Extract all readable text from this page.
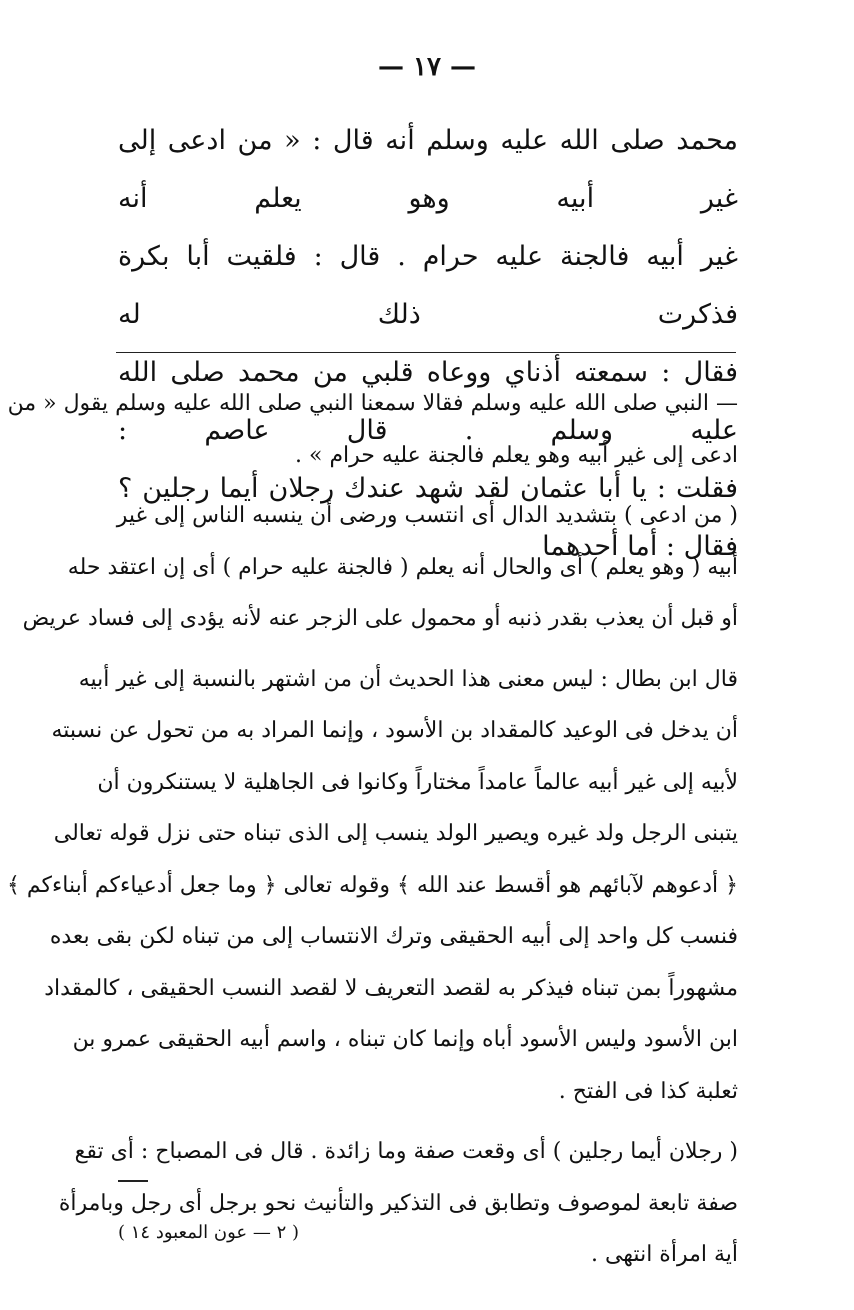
— ١٧ —

محمد صلى الله عليه وسلم أنه قال : « من ادعى إلى غير أبيه وهو يعلم أنه

غير أبيه فالجنة عليه حرام . قال : فلقيت أبا بكرة فذكرت ذلك له

فقال : سمعته أذناي ووعاه قلبي من محمد صلى الله عليه وسلم . قال عاصم :

فقلت : يا أبا عثمان لقد شهد عندك رجلان أيما رجلين ؟ فقال : أما أحدهما

— النبي صلى الله عليه وسلم فقالا سمعنا النبي صلى الله عليه وسلم يقول « من
ادعى إلى غير أبيه وهو يعلم فالجنة عليه حرام » .
( من ادعى ) بتشديد الدال أى انتسب ورضى أن ينسبه الناس إلى غير
أبيه ( وهو يعلم ) أى والحال أنه يعلم ( فالجنة عليه حرام ) أى إن اعتقد حله
أو قبل أن يعذب بقدر ذنبه أو محمول على الزجر عنه لأنه يؤدى إلى فساد عريض
قال ابن بطال : ليس معنى هذا الحديث أن من اشتهر بالنسبة إلى غير أبيه
أن يدخل فى الوعيد كالمقداد بن الأسود ، وإنما المراد به من تحول عن نسبته
لأبيه إلى غير أبيه عالماً عامداً مختاراً وكانوا فى الجاهلية لا يستنكرون أن
يتبنى الرجل ولد غيره ويصير الولد ينسب إلى الذى تبناه حتى نزل قوله تعالى
﴿ أدعوهم لآبائهم هو أقسط عند الله ﴾ وقوله تعالى ﴿ وما جعل أدعياءكم أبناءكم ﴾
فنسب كل واحد إلى أبيه الحقيقى وترك الانتساب إلى من تبناه لكن بقى بعده
مشهوراً بمن تبناه فيذكر به لقصد التعريف لا لقصد النسب الحقيقى ، كالمقداد
ابن الأسود وليس الأسود أباه وإنما كان تبناه ، واسم أبيه الحقيقى عمرو بن
ثعلبة كذا فى الفتح .
( رجلان أيما رجلين ) أى وقعت صفة وما زائدة . قال فى المصباح : أى تقع
صفة تابعة لموصوف وتطابق فى التذكير والتأنيث نحو برجل أى رجل وبامرأة
أية امرأة انتهى .
( ٢ — عون المعبود ١٤ )
